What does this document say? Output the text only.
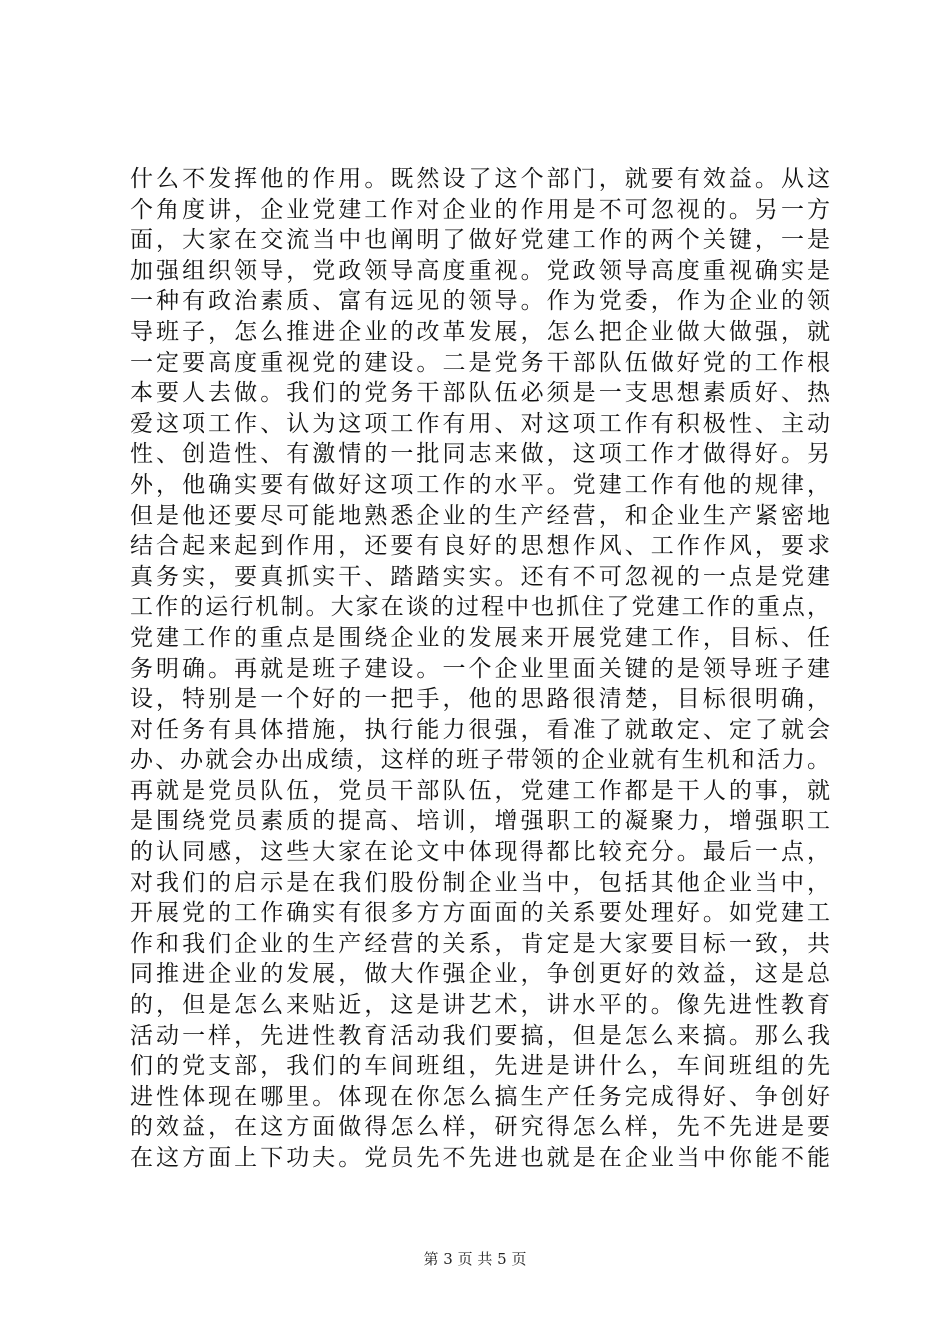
什么不发挥他的作用。既然设了这个部门，就要有效益。从这
个角度讲，企业党建工作对企业的作用是不可忽视的。另一方
面，大家在交流当中也阐明了做好党建工作的两个关键，一是
加强组织领导，党政领导高度重视。党政领导高度重视确实是
一种有政治素质、富有远见的领导。作为党委，作为企业的领
导班子，怎么推进企业的改革发展，怎么把企业做大做强，就
一定要高度重视党的建设。二是党务干部队伍做好党的工作根
本要人去做。我们的党务干部队伍必须是一支思想素质好、热
爱这项工作、认为这项工作有用、对这项工作有积极性、主动
性、创造性、有激情的一批同志来做，这项工作才做得好。另
外，他确实要有做好这项工作的水平。党建工作有他的规律，
但是他还要尽可能地熟悉企业的生产经营，和企业生产紧密地
结合起来起到作用，还要有良好的思想作风、工作作风，要求
真务实，要真抓实干、踏踏实实。还有不可忽视的一点是党建
工作的运行机制。大家在谈的过程中也抓住了党建工作的重点，
党建工作的重点是围绕企业的发展来开展党建工作，目标、任
务明确。再就是班子建设。一个企业里面关键的是领导班子建
设，特别是一个好的一把手，他的思路很清楚，目标很明确，
对任务有具体措施，执行能力很强，看准了就敢定、定了就会
办、办就会办出成绩，这样的班子带领的企业就有生机和活力。
再就是党员队伍，党员干部队伍，党建工作都是干人的事，就
是围绕党员素质的提高、培训，增强职工的凝聚力，增强职工
的认同感，这些大家在论文中体现得都比较充分。最后一点，
对我们的启示是在我们股份制企业当中，包括其他企业当中，
开展党的工作确实有很多方方面面的关系要处理好。如党建工
作和我们企业的生产经营的关系，肯定是大家要目标一致，共
同推进企业的发展，做大作强企业，争创更好的效益，这是总
的，但是怎么来贴近，这是讲艺术，讲水平的。像先进性教育
活动一样，先进性教育活动我们要搞，但是怎么来搞。那么我
们的党支部，我们的车间班组，先进是讲什么，车间班组的先
进性体现在哪里。体现在你怎么搞生产任务完成得好、争创好
的效益，在这方面做得怎么样，研究得怎么样，先不先进是要
在这方面上下功夫。党员先不先进也就是在企业当中你能不能
第 3 页 共 5 页
